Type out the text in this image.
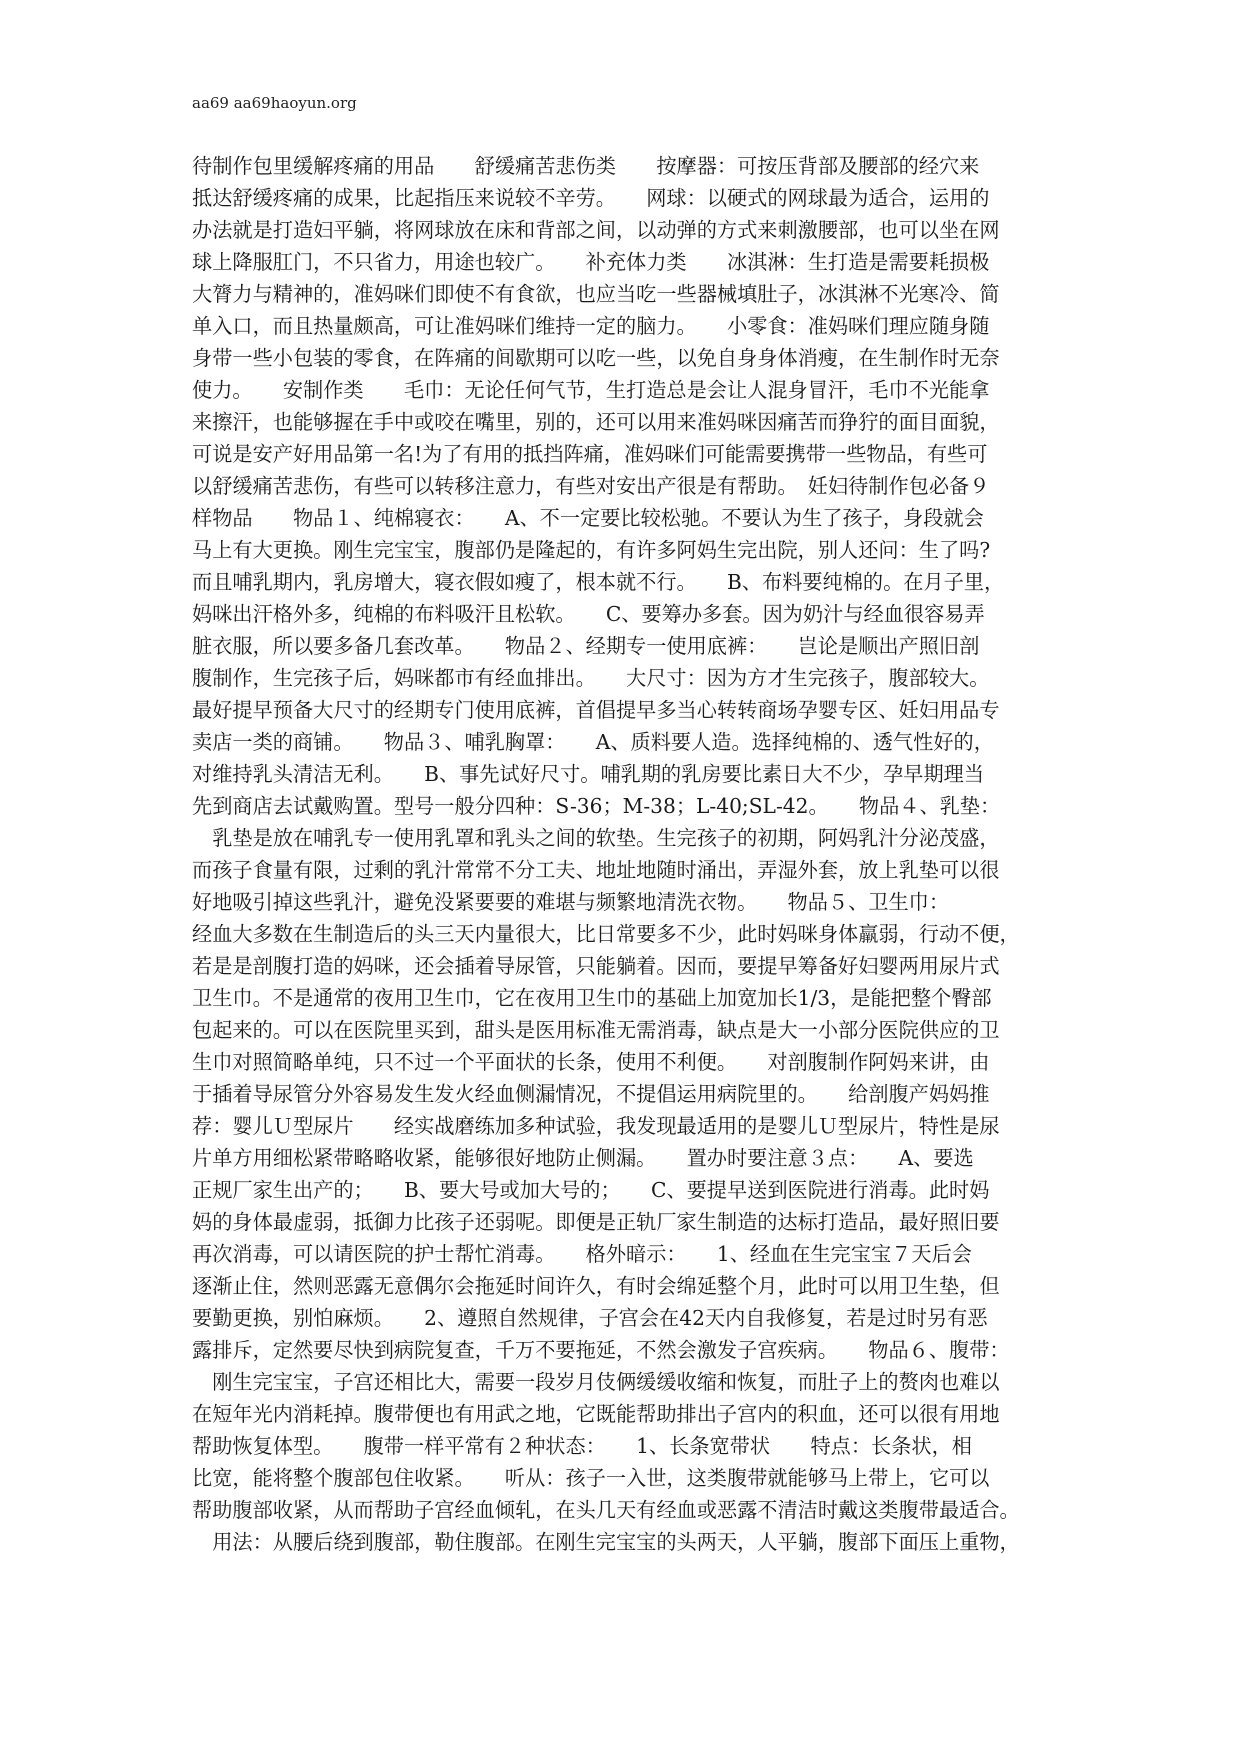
aa69 aa69haoyun.org
待制作包里缓解疼痛的用品　　舒缓痛苦悲伤类　　按摩器：可按压背部及腰部的经穴来
抵达舒缓疼痛的成果，比起指压来说较不辛劳。　　网球：以硬式的网球最为适合，运用的
办法就是打造妇平躺，将网球放在床和背部之间，以动弹的方式来刺激腰部，也可以坐在网
球上降服肛门，不只省力，用途也较广。　　补充体力类　　冰淇淋：生打造是需要耗损极
大膂力与精神的，准妈咪们即使不有食欲，也应当吃一些器械填肚子，冰淇淋不光寒冷、简
单入口，而且热量颇高，可让准妈咪们维持一定的脑力。　　小零食：准妈咪们理应随身随
身带一些小包装的零食，在阵痛的间歇期可以吃一些，以免自身身体消瘦，在生制作时无奈
使力。　　安制作类　　毛巾：无论任何气节，生打造总是会让人混身冒汗，毛巾不光能拿
来擦汗，也能够握在手中或咬在嘴里，别的，还可以用来准妈咪因痛苦而狰狞的面目面貌，
可说是安产好用品第一名!为了有用的抵挡阵痛，准妈咪们可能需要携带一些物品，有些可
以舒缓痛苦悲伤，有些可以转移注意力，有些对安出产很是有帮助。　妊妇待制作包必备９
样物品　　物品１、纯棉寝衣：　　A、不一定要比较松驰。不要认为生了孩子，身段就会
马上有大更换。刚生完宝宝，腹部仍是隆起的，有许多阿妈生完出院，别人还问：生了吗?
而且哺乳期内，乳房增大，寝衣假如瘦了，根本就不行。　　B、布料要纯棉的。在月子里，
妈咪出汗格外多，纯棉的布料吸汗且松软。　　C、要筹办多套。因为奶汁与经血很容易弄
脏衣服，所以要多备几套改革。　　物品２、经期专一使用底裤：　　岂论是顺出产照旧剖
腹制作，生完孩子后，妈咪都市有经血排出。　　大尺寸：因为方才生完孩子，腹部较大。
最好提早预备大尺寸的经期专门使用底裤，首倡提早多当心转转商场孕婴专区、妊妇用品专
卖店一类的商铺。　　物品３、哺乳胸罩：　　A、质料要人造。选择纯棉的、透气性好的，
对维持乳头清洁无利。　　B、事先试好尺寸。哺乳期的乳房要比素日大不少，孕早期理当
先到商店去试戴购置。型号一般分四种：S-36；M-38；L-40;SL-42。　　物品４、乳垫：
　乳垫是放在哺乳专一使用乳罩和乳头之间的软垫。生完孩子的初期，阿妈乳汁分泌茂盛，
而孩子食量有限，过剩的乳汁常常不分工夫、地址地随时涌出，弄湿外套，放上乳垫可以很
好地吸引掉这些乳汁，避免没紧要要的难堪与频繁地清洗衣物。　　物品５、卫生巾：
经血大多数在生制造后的头三天内量很大，比日常要多不少，此时妈咪身体羸弱，行动不便，
若是是剖腹打造的妈咪，还会插着导尿管，只能躺着。因而，要提早筹备好妇婴两用尿片式
卫生巾。不是通常的夜用卫生巾，它在夜用卫生巾的基础上加宽加长1/3，是能把整个臀部
包起来的。可以在医院里买到，甜头是医用标准无需消毒，缺点是大一小部分医院供应的卫
生巾对照简略单纯，只不过一个平面状的长条，使用不利便。　　对剖腹制作阿妈来讲，由
于插着导尿管分外容易发生发火经血侧漏情况，不提倡运用病院里的。　　给剖腹产妈妈推
荐：婴儿Ｕ型尿片　　经实战磨练加多种试验，我发现最适用的是婴儿Ｕ型尿片，特性是尿
片单方用细松紧带略略收紧，能够很好地防止侧漏。　　置办时要注意３点：　　A、要选
正规厂家生出产的；　　B、要大号或加大号的；　　C、要提早送到医院进行消毒。此时妈
妈的身体最虚弱，抵御力比孩子还弱呢。即便是正轨厂家生制造的达标打造品，最好照旧要
再次消毒，可以请医院的护士帮忙消毒。　　格外暗示：　　1、经血在生完宝宝７天后会
逐渐止住，然则恶露无意偶尔会拖延时间许久，有时会绵延整个月，此时可以用卫生垫，但
要勤更换，别怕麻烦。　　2、遵照自然规律，子宫会在42天内自我修复，若是过时另有恶
露排斥，定然要尽快到病院复查，千万不要拖延，不然会激发子宫疾病。　　物品６、腹带：
　刚生完宝宝，子宫还相比大，需要一段岁月伎俩缓缓收缩和恢复，而肚子上的赘肉也难以
在短年光内消耗掉。腹带便也有用武之地，它既能帮助排出子宫内的积血，还可以很有用地
帮助恢复体型。　　腹带一样平常有２种状态：　　1、长条宽带状　　特点：长条状，相
比宽，能将整个腹部包住收紧。　　听从：孩子一入世，这类腹带就能够马上带上，它可以
帮助腹部收紧，从而帮助子宫经血倾轧，在头几天有经血或恶露不清洁时戴这类腹带最适合。
　用法：从腰后绕到腹部，勒住腹部。在刚生完宝宝的头两天，人平躺，腹部下面压上重物，
